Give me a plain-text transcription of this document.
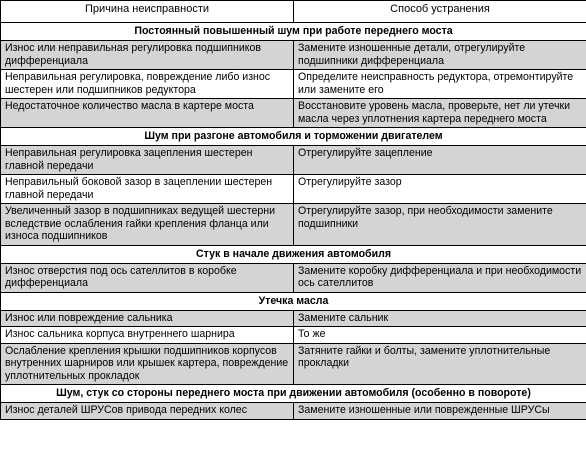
Причина неисправности	Способ устранения
Постоянный повышенный шум при работе переднего моста	
Износ или неправильная регулировка подшипников дифференциала	Замените изношенные детали, отрегулируйте подшипники дифференциала
Неправильная регулировка, повреждение либо износ шестерен или подшипников редуктора	Определите неисправность редуктора, отремонтируйте или замените его
Недостаточное количество масла в картере моста	Восстановите уровень масла, проверьте, нет ли утечки масла через уплотнения картера переднего моста
Шум при разгоне автомобиля и торможении двигателем	
Неправильная регулировка зацепления шестерен главной передачи	Отрегулируйте зацепление
Неправильный боковой зазор в зацеплении шестерен главной передачи	Отрегулируйте зазор
Увеличенный зазор в подшипниках ведущей шестерни вследствие ослабления гайки крепления фланца или износа подшипников	Отрегулируйте зазор, при необходимости замените подшипники
Стук в начале движения автомобиля	
Износ отверстия под ось сателлитов в коробке дифференциала	Замените коробку дифференциала и при необходимости ось сателлитов
Утечка масла	
Износ или повреждение сальника	Замените сальник
Износ сальника корпуса внутреннего шарнира	То же
Ослабление крепления крышки подшипников корпусов внутренних шарниров или крышек картера, повреждение уплотнительных прокладок	Затяните гайки и болты, замените уплотнительные прокладки
Шум, стук со стороны переднего моста при движении автомобиля (особенно в повороте)	
Износ деталей ШРУСов привода передних колес	Замените изношенные или поврежденные ШРУСы
